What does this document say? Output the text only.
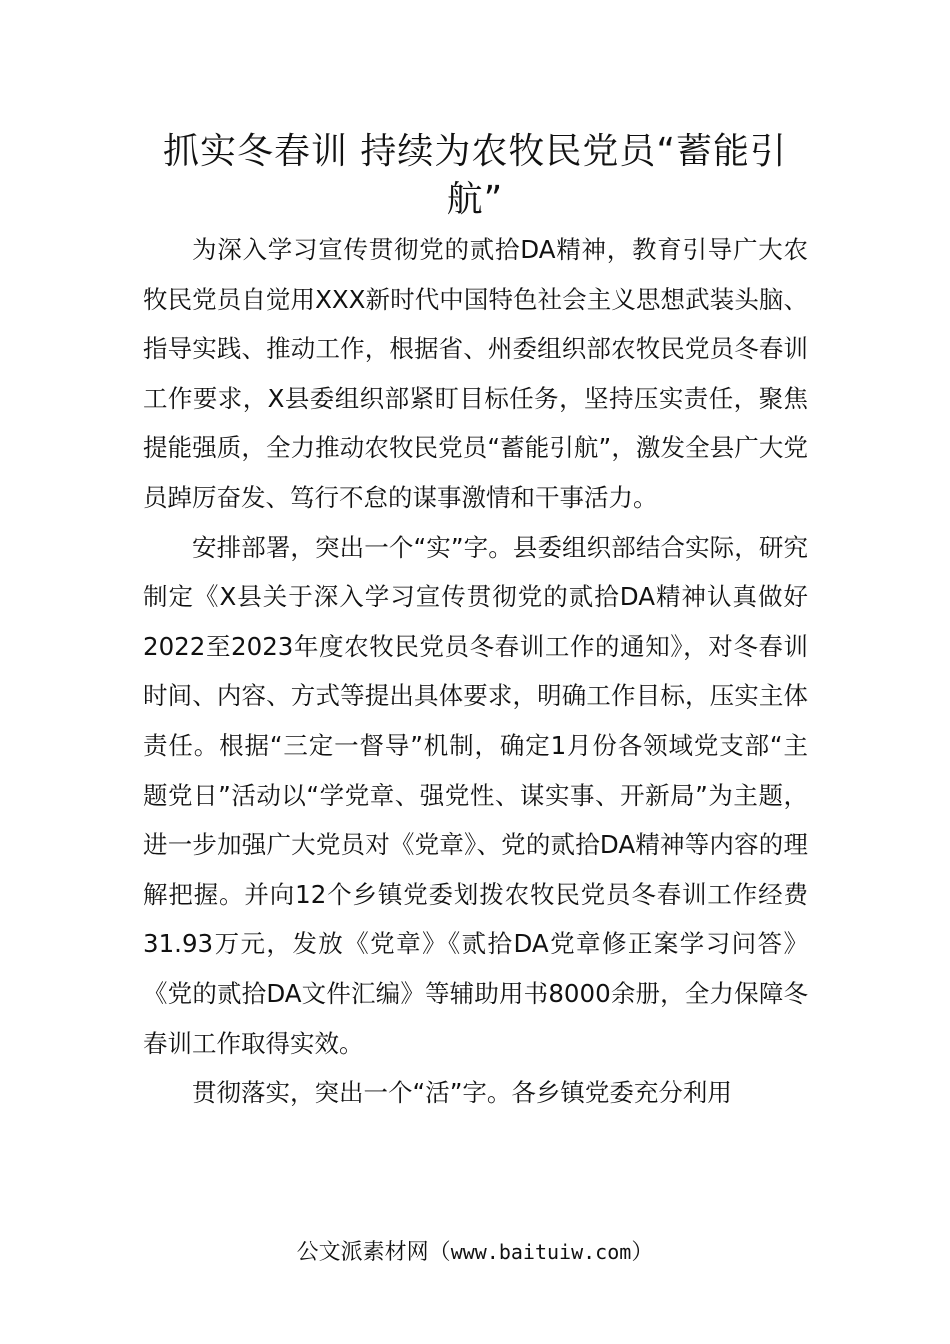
抓实冬春训 持续为农牧民党员“蓄能引航”

为深入学习宣传贯彻党的贰拾DA精神，教育引导广大农牧民党员自觉用XXX新时代中国特色社会主义思想武装头脑、指导实践、推动工作，根据省、州委组织部农牧民党员冬春训工作要求，X县委组织部紧盯目标任务，坚持压实责任，聚焦提能强质，全力推动农牧民党员“蓄能引航”，激发全县广大党员踔厉奋发、笃行不怠的谋事激情和干事活力。

安排部署，突出一个“实”字。县委组织部结合实际，研究制定《X县关于深入学习宣传贯彻党的贰拾DA精神认真做好2022至2023年度农牧民党员冬春训工作的通知》，对冬春训时间、内容、方式等提出具体要求，明确工作目标，压实主体责任。根据“三定一督导”机制，确定1月份各领域党支部“主题党日”活动以“学党章、强党性、谋实事、开新局”为主题，进一步加强广大党员对《党章》、党的贰拾DA精神等内容的理解把握。并向12个乡镇党委划拨农牧民党员冬春训工作经费31.93万元，发放《党章》《贰拾DA党章修正案学习问答》《党的贰拾DA文件汇编》等辅助用书8000余册，全力保障冬春训工作取得实效。

贯彻落实，突出一个“活”字。各乡镇党委充分利用

公文派素材网（www.baituiw.com）
